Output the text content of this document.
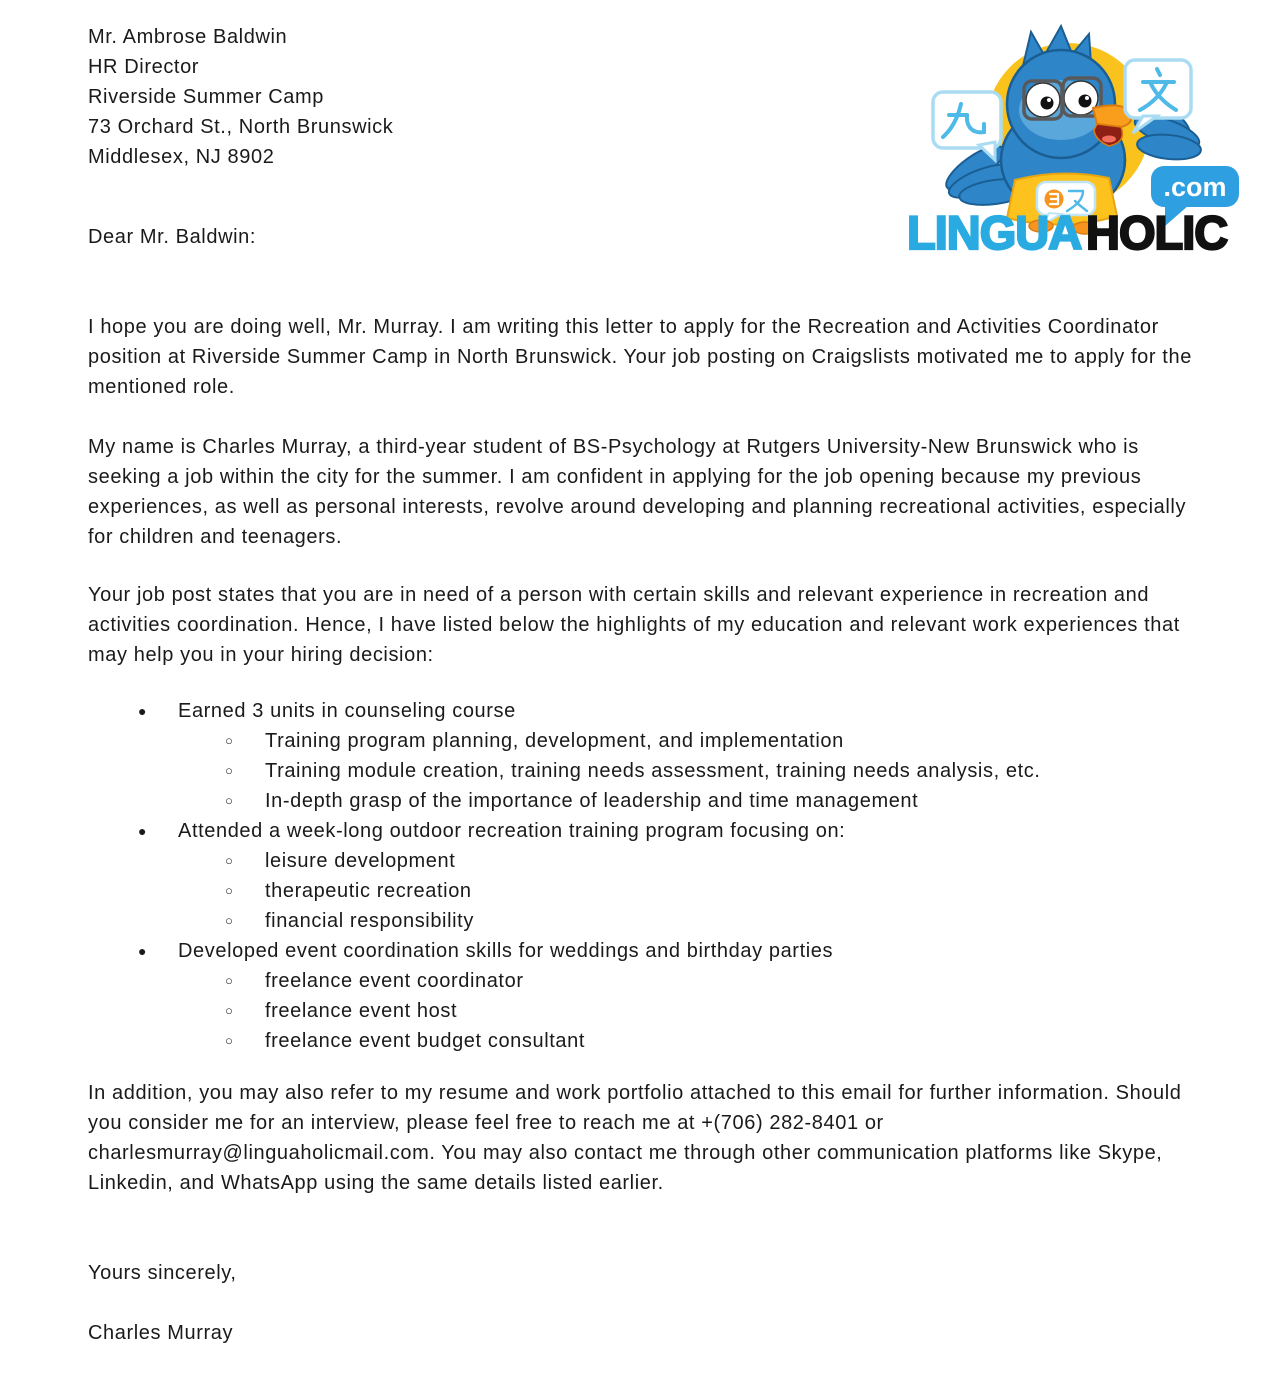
Mr. Ambrose Baldwin
HR Director
Riverside Summer Camp
73 Orchard St., North Brunswick
Middlesex, NJ 8902
Dear Mr. Baldwin:

I hope you are doing well, Mr. Murray. I am writing this letter to apply for the Recreation and Activities Coordinator position at Riverside Summer Camp in North Brunswick. Your job posting on Craigslists motivated me to apply for the mentioned role.

My name is Charles Murray, a third-year student of BS-Psychology at Rutgers University-New Brunswick who is seeking a job within the city for the summer. I am confident in applying for the job opening because my previous experiences, as well as personal interests, revolve around developing and planning recreational activities, especially for children and teenagers.

Your job post states that you are in need of a person with certain skills and relevant experience in recreation and activities coordination. Hence, I have listed below the highlights of my education and relevant work experiences that may help you in your hiring decision:

● Earned 3 units in counseling course
○ Training program planning, development, and implementation
○ Training module creation, training needs assessment, training needs analysis, etc.
○ In-depth grasp of the importance of leadership and time management
● Attended a week-long outdoor recreation training program focusing on:
○ leisure development
○ therapeutic recreation
○ financial responsibility
● Developed event coordination skills for weddings and birthday parties
○ freelance event coordinator
○ freelance event host
○ freelance event budget consultant

In addition, you may also refer to my resume and work portfolio attached to this email for further information. Should you consider me for an interview, please feel free to reach me at +(706) 282-8401 or charlesmurray@linguaholicmail.com. You may also contact me through other communication platforms like Skype, Linkedin, and WhatsApp using the same details listed earlier.

Yours sincerely,
Charles Murray
.com
LINGUA HOLIC
